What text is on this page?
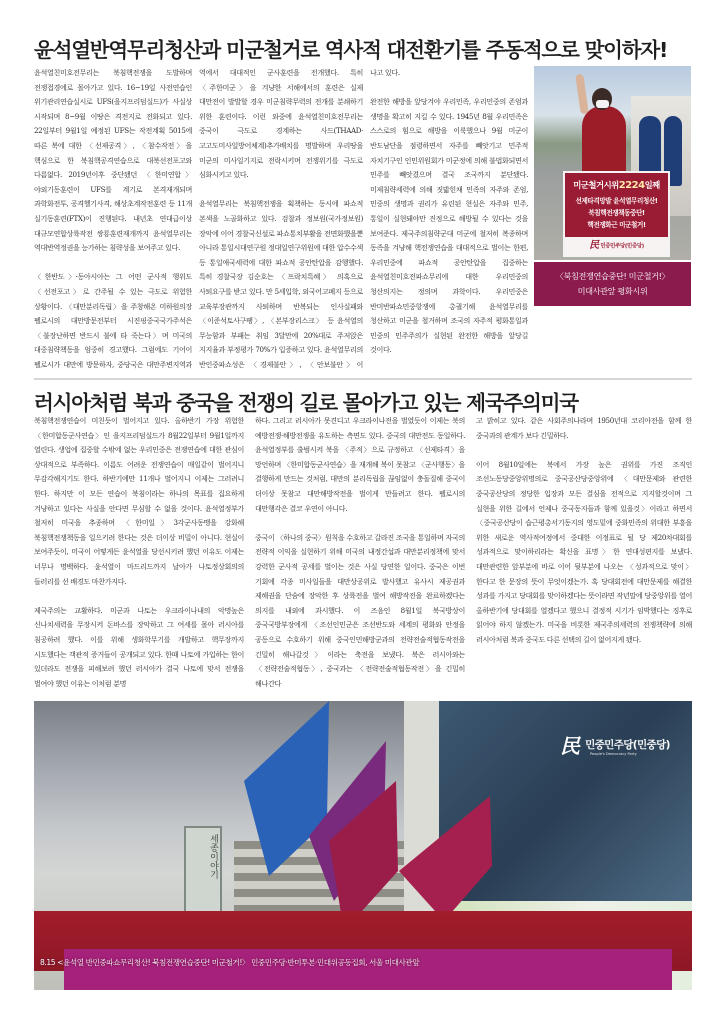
윤석열반역무리청산과 미군철거로 역사적 대전환기를 주동적으로 맞이하자!

윤석열친미호전무리는 북침핵전쟁을 도발하며 전쟁접경에로 몰아가고 있다. 16~19일 사전연습인 위기관리연습실시로 UFS(을지프리덤실드)가 사실상 시작되며 8~9월 이땅은 격전지로 전화되고 있다. 22일부터 9월1일 예정된 UFS는 작전계획 5015에 따른 북에 대한 〈선제공격〉, 〈참수작전〉을 핵심으로 한 북침핵공격연습으로 대북선전포고와 다름없다. 2019년이후 중단됐던 〈한미연합〉야외기동훈련이 UFS를 계기로 본격재개되며 과학화전투, 공격헬기사격, 해상초계작전훈련 등 11개 실기동훈련(FTX)이 진행된다. 내년초 연대급이상 대규모연합상륙작전 쌍룡훈련재개까지 윤석열무리는 역대반역정권을 능가하는 침략성을 보여주고 있다.

〈한반도〉·동아시아는 그 어떤 군사적 행위도 〈선전포고〉로 간주될 수 있는 극도로 위험한 상황이다. 〈대만분리독립〉을 주창해온 미하원의장 펠로시의 대만방문전부터 시진핑중국국가주석은 〈불장난하면 반드시 불에 타 죽는다〉며 미국의 대중침략책동을 엄중히 경고했다. 그럼에도 기어이 펠로시가 대만에 방문하자, 중당국은 대만주변지역과

역에서 대대적인 군사훈련을 전개했다. 특히 〈주한미군〉을 겨냥한 서해에서의 훈련은 실제 대만전이 발발할 경우 미군침략무력의 전개를 분쇄하기 위한 훈련이다. 이런 와중에 윤석열친미호전무리는 중국이 극도로 경계하는 사드(THAAD·고고도미사일방어체계)추가배치를 명발하며 우리땅을 미군의 미사일기지로 전락시키며 전쟁위기를 극도로 심화시키고 있다.

윤석열무리는 북침핵전쟁을 획책하는 동시에 파쇼적 본색을 노골화하고 있다. 검찰과 정보원(국가정보원)장악에 이어 경찰국신설로 파쇼통치부활을 전면화했을뿐 아니라 통일시대연구원 정대일연구위원에 대한 압수수색 등 통일애국세력에 대한 파쇼적 공안탄압을 감행했다. 특히 경찰국장 김순호는 〈프락치특혜〉 의혹으로 사퇴요구를 받고 있다. 만 5세입학, 외국어고폐지 등으로 교육부장관까지 사퇴하며 반복되는 인사실패와 〈이준석토사구팽〉, 〈본부장리스크〉 등 윤석열의 무능함과 부패는 취임 3달만에 20%대로 주저앉은 지지율과 부정평가 70%가 입증하고 있다. 윤석열무리의 반인중파쇼성은 〈경제불안〉, 〈안보불안〉이

나고 있다.

완전한 해방을 앞당겨야 우리민족, 우리민중의 존엄과 생명을 확고히 지킬 수 있다. 1945년 8월 우리민족은 스스로의 힘으로 해방을 이룩했으나 9월 미군이 반도남단을 점령하면서 자주를 빼앗기고 민주적 자치기구인 인민위원회가 미군정에 의해 불법화되면서 민주를 빼앗겼으며 결국 조국까지 분단됐다. 미제침략세력에 의해 짓밟힌채 민족의 자주와 존엄, 민중의 생명과 권리가 유린된 현실은 자주와 민주, 통일이 실현돼야만 진정으로 해방될 수 있다는 것을 보여준다. 제국주의침략군대 미군에 철저히 복종하며 동족을 겨냥해 핵전쟁연습을 대대적으로 벌이는 한편, 우리민중에 파쇼적 공안탄압을 집중하는 윤석열친미호전파쇼무리에 대한 우리민중의 청산의지는 정의며 과학이다. 우리민중은 반미반파쇼민중항쟁에 총궐기해 윤석열무리를 청산하고 미군을 철거하며 조국의 자주적 평화통일과 민중의 민주주의가 실현된 완전한 해방을 앞당길 것이다.

미군철거시위2224일째
선제타격망발 윤석열무리청산!
북침핵전쟁책동중단!
핵전쟁화근 미군철거!
民 민중민주당(민중당)
〈북침전쟁연습중단! 미군철거!〉
미대사관앞 평화시위
러시아처럼 북과 중국을 전쟁의 길로 몰아가고 있는 제국주의미국

북침핵전쟁연습이 미친듯이 벌어지고 있다. 올하반기 가장 위험한 〈한미합동군사연습〉인 을지프리덤실드가 8월22일부터 9월1일까지 열린다. 생업에 집중할 수밖에 없는 우리민중은 전쟁연습에 대한 관심이 상대적으로 부족하다. 이름도 어려운 전쟁연습이 매일같이 벌어지니 무감각해지기도 한다. 하반기에만 11개나 벌어지니 이제는 그러려니 한다. 하지만 이 모든 연습이 북침이라는 하나의 목표를 집요하게 겨냥하고 있다는 사실을 안다면 무심할 수 없을 것이다. 윤석열정부가 철저히 미국을 추종하며 〈한미일〉3각군사동맹을 강화해 북침핵전쟁책동을 일으키려 한다는 것은 더이상 비밀이 아니다. 현실이 보여주듯이, 미국이 어떻게든 윤석열을 당선시키려 했던 이유도 이제는 너무나 명백하다. 윤석열이 마드리드까지 날아가 나토정상회의의 들러리를 선 배경도 마찬가지다.

제국주의는 교활하다. 미군과 나토는 우크라이나내의 악명높은 신나치세력을 무장시켜 돈바스를 장악하고 그 여세를 몰아 러시아를 침공하려 했다. 이를 위해 생화학무기를 개발하고 핵무장까지 시도했다는 객관적 증거들이 공개되고 있다. 한때 나토에 가입하는 한이 있더라도 전쟁을 피해보려 했던 러시아가 결국 나토에 맞서 전쟁을 벌여야 했던 이유는 이처럼 분명

하다. 그리고 러시아가 못견디고 우크라이나전을 벌였듯이 이제는 북의 예방전쟁·해방전쟁을 유도하는 측면도 있다. 중국의 대만전도 동일하다. 윤석열정부를 출범시켜 북을 〈주적〉으로 규정하고 〈선제타격〉을 망언하며 〈한미합동군사연습〉을 재개해 북이 못참고 〈군사행동〉을 결행하게 만드는 것처럼, 대만의 분리독립을 끊임없이 충돌질해 중국이 더이상 못참고 대만해방작전을 벌이게 만들려고 한다. 펠로시의 대만행각은 결코 우연이 아니다.

중국이 〈하나의 중국〉원칙을 수호하고 갈라진 조국을 통일하며 자국의 전략적 이익을 실현하기 위해 미국의 내정간섭과 대만분리정책에 맞서 강력한 군사적 공세를 벌이는 것은 사실 당연한 일이다. 중국은 이번 기회에 각종 미사일들을 대만상공위로 발사했고 유사시 제공권과 제해권을 단숨에 장악한 후 상륙전을 벌여 해방작전을 완료하겠다는 의지를 내외에 과시했다. 이 즈음인 8월1일 북국방상이 중국국방부장에게 〈조선인민군은 조선반도와 세계의 평화와 안정을 공동으로 수호하기 위해 중국인민해방군과의 전략전술적협동작전을 긴밀히 해나갈것〉이라는 축전을 보냈다. 북은 러시아와는 〈전략전술적협동〉, 중국과는 〈전략전술적협동작전〉을 긴밀히 해나간다

고 밝히고 있다. 같은 사회주의나라며 1950년대 코리아전을 함께 한 중국과의 관계가 보다 긴밀하다.

이어 8월10일에는 북에서 가장 높은 권위를 가진 조직인 조선노동당중앙위명의로 중국공산당중앙위에 〈대만문제와 관련한 중국공산당의 정당한 입장과 모든 결심을 전적으로 지지할것이며 그 실현을 위한 길에서 언제나 중국동지들과 함께 있을것〉이라고 하면서 〈중국공산당이 습근평총서기동지의 영도밑에 중화민족의 위대한 부흥을 위한 새로운 역사적여정에서 중대한 이정표로 될 당 제20차대회를 성과적으로 맞이하리라는 확신을 표명〉한 연대성편지를 보냈다. 대만관련한 앞부분에 바로 이어 뒷부분에 나오는 〈성과적으로 맞이〉한다고 한 문장의 뜻이 무엇이겠는가. 혹 당대회전에 대만문제를 해결한 성과를 가지고 당대회를 맞이하겠다는 뜻이라면 작년말에 당중앙위를 열어 올하반기에 당대회를 열겠다고 했으니 결정적 시기가 임박했다는 징후로 읽어야 하지 않겠는가. 미국을 비롯한 제국주의세력의 전쟁책략에 의해 러시아처럼 북과 중국도 다른 선택의 길이 없어지게 됐다.

세종이야기
8.15 <윤석열 반민중파쇼무리청산! 북침전쟁연습중단! 미군철거!〉 민중민주당·반미투본·민대위공동집회, 서울 미대사관앞
民 민중민주당(민중당)
People's Democracy Party
